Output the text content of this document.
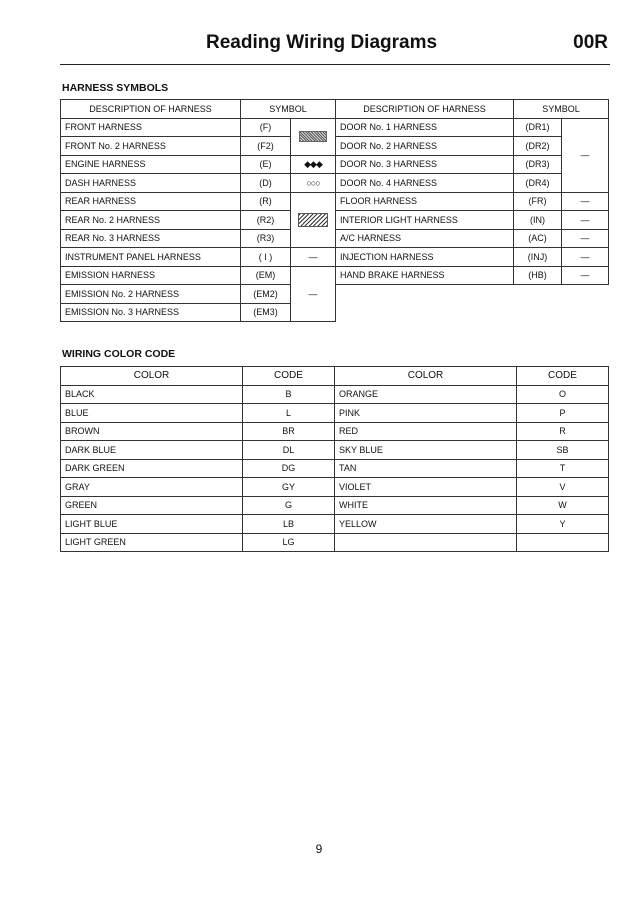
Reading Wiring Diagrams	00R
HARNESS SYMBOLS
DESCRIPTION OF HARNESS	SYMBOL		DESCRIPTION OF HARNESS	SYMBOL	
FRONT HARNESS	(F)		DOOR No. 1 HARNESS	(DR1)	—
FRONT No. 2 HARNESS	(F2)		DOOR No. 2 HARNESS	(DR2)	
ENGINE HARNESS	(E)	◆◆◆	DOOR No. 3 HARNESS	(DR3)	
DASH HARNESS	(D)	○○○	DOOR No. 4 HARNESS	(DR4)	
REAR HARNESS	(R)		FLOOR HARNESS	(FR)	—
REAR No. 2 HARNESS	(R2)		INTERIOR LIGHT HARNESS	(IN)	—
REAR No. 3 HARNESS	(R3)		A/C HARNESS	(AC)	—
INSTRUMENT PANEL HARNESS	( I )	—	INJECTION HARNESS	(INJ)	—
EMISSION HARNESS	(EM)	—	HAND BRAKE HARNESS	(HB)	—
EMISSION No. 2 HARNESS	(EM2)				
EMISSION No. 3 HARNESS	(EM3)				
WIRING COLOR CODE
COLOR	CODE	COLOR	CODE
BLACK	B	ORANGE	O
BLUE	L	PINK	P
BROWN	BR	RED	R
DARK BLUE	DL	SKY BLUE	SB
DARK GREEN	DG	TAN	T
GRAY	GY	VIOLET	V
GREEN	G	WHITE	W
LIGHT BLUE	LB	YELLOW	Y
LIGHT GREEN	LG		
9
